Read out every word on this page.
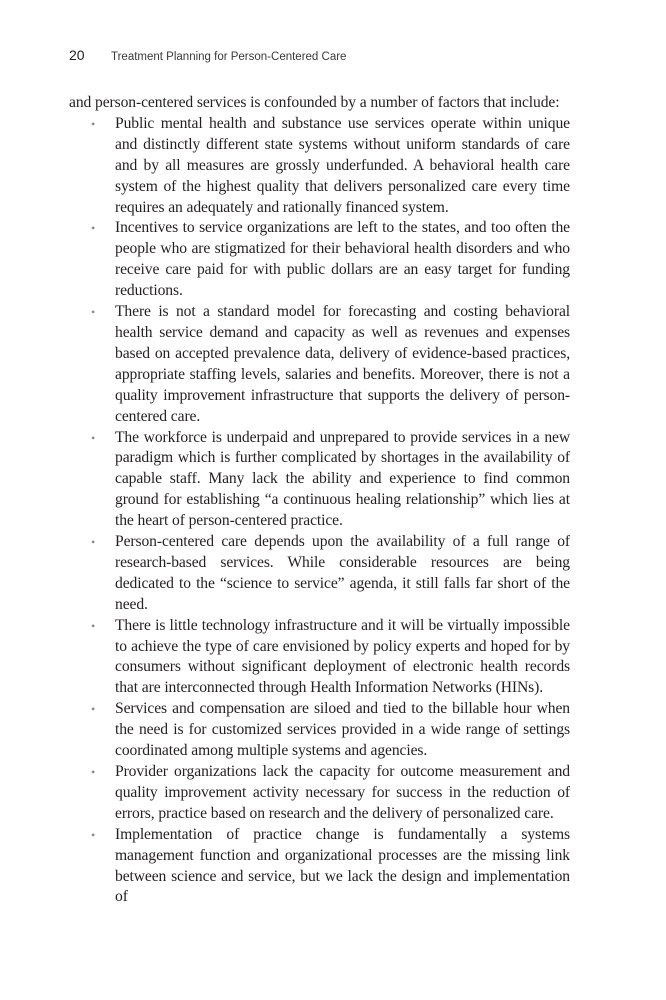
20	Treatment Planning for Person-Centered Care

and person-centered services is confounded by a number of factors that include:

•	Public mental health and substance use services operate within unique and distinctly different state systems without uniform standards of care and by all measures are grossly underfunded. A behavioral health care system of the highest quality that delivers personalized care every time requires an adequately and rationally financed system.
•	Incentives to service organizations are left to the states, and too often the people who are stigmatized for their behavioral health disorders and who receive care paid for with public dollars are an easy target for funding reductions.
•	There is not a standard model for forecasting and costing behavioral health service demand and capacity as well as revenues and expenses based on accepted prevalence data, delivery of evidence-based practices, appropriate staffing levels, salaries and benefits. Moreover, there is not a quality improvement infrastructure that supports the delivery of person-centered care.
•	The workforce is underpaid and unprepared to provide services in a new paradigm which is further complicated by shortages in the availability of capable staff. Many lack the ability and experience to find common ground for establishing “a continuous healing relationship” which lies at the heart of person-centered practice.
•	Person-centered care depends upon the availability of a full range of research-based services. While considerable resources are being dedicated to the “science to service” agenda, it still falls far short of the need.
•	There is little technology infrastructure and it will be virtually impossible to achieve the type of care envisioned by policy experts and hoped for by consumers without significant deployment of electronic health records that are interconnected through Health Information Networks (HINs).
•	Services and compensation are siloed and tied to the billable hour when the need is for customized services provided in a wide range of settings coordinated among multiple systems and agencies.
•	Provider organizations lack the capacity for outcome measurement and quality improvement activity necessary for success in the reduction of errors, practice based on research and the delivery of personalized care.
•	Implementation of practice change is fundamentally a systems management function and organizational processes are the missing link between science and service, but we lack the design and implementation of
